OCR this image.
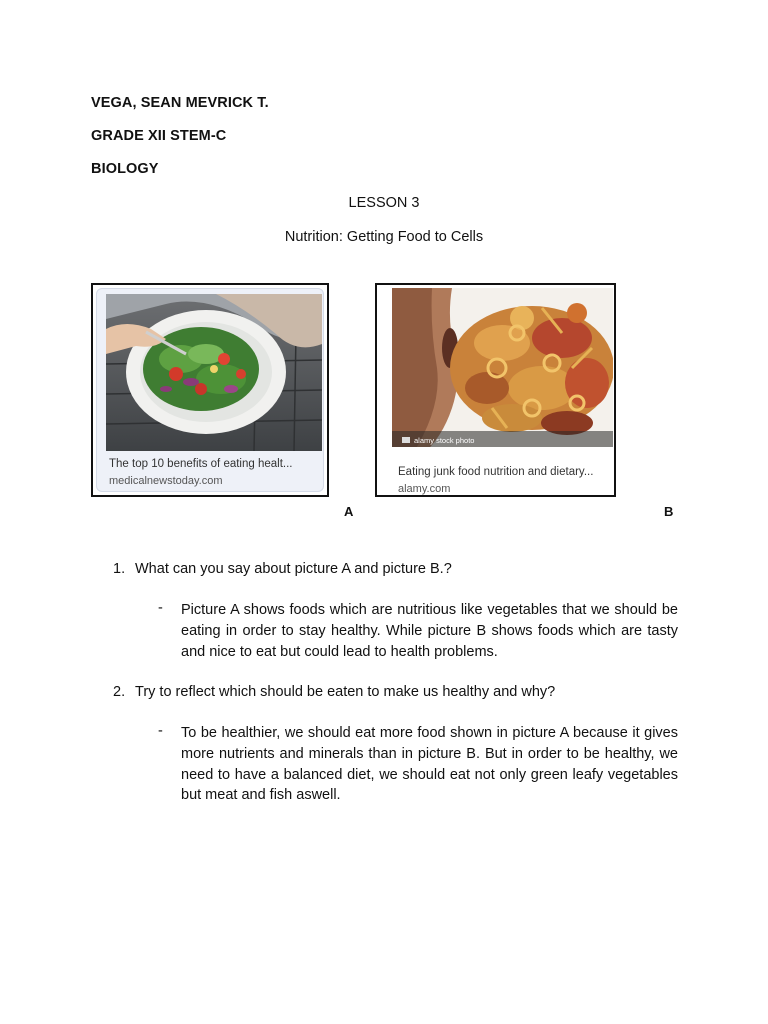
VEGA, SEAN MEVRICK T.
GRADE XII STEM-C
BIOLOGY
LESSON 3
Nutrition: Getting Food to Cells
The top 10 benefits of eating healt...
medicalnewstoday.com
alamy stock photo
Eating junk food nutrition and dietary...
alamy.com
A	B
1. What can you say about picture A and picture B.?
- Picture A shows foods which are nutritious like vegetables that we should be eating in order to stay healthy. While picture B shows foods which are tasty and nice to eat but could lead to health problems.
2. Try to reflect which should be eaten to make us healthy and why?
- To be healthier, we should eat more food shown in picture A because it gives more nutrients and minerals than in picture B. But in order to be healthy, we need to have a balanced diet, we should eat not only green leafy vegetables but meat and fish aswell.
